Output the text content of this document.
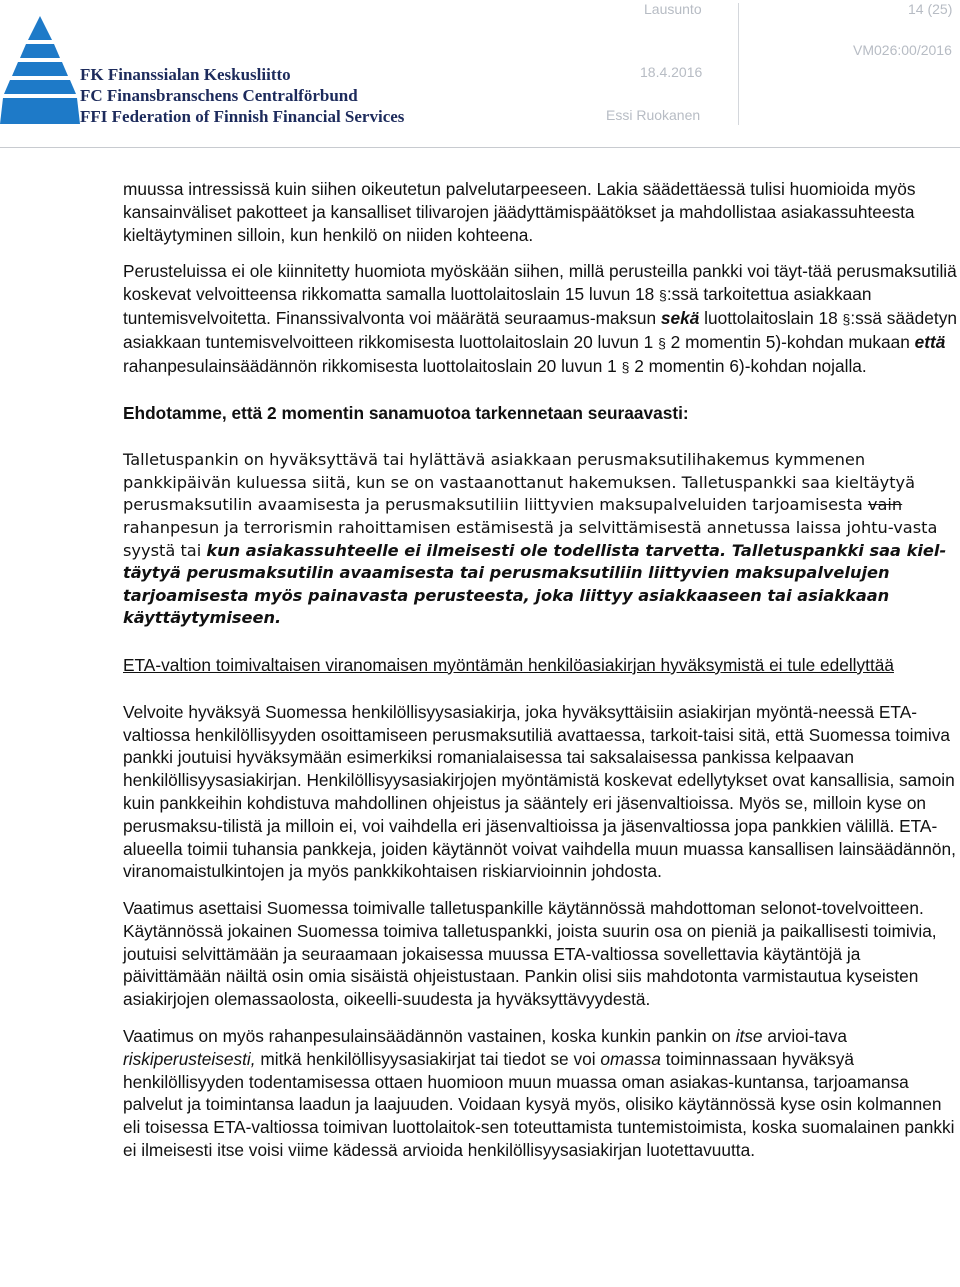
FK Finanssialan Keskusliitto
FC Finansbranschens Centralförbund
FFI Federation of Finnish Financial Services
Lausunto	14 (25)
VM026:00/2016
18.4.2016
Essi Ruokanen

muussa intressissä kuin siihen oikeutetun palvelutarpeeseen. Lakia säädettäessä tulisi huomioida myös kansainväliset pakotteet ja kansalliset tilivarojen jäädyttämispäätökset ja mahdollistaa asiakassuhteesta kieltäytyminen silloin, kun henkilö on niiden kohteena.

Perusteluissa ei ole kiinnitetty huomiota myöskään siihen, millä perusteilla pankki voi täyt-tää perusmaksutiliä koskevat velvoitteensa rikkomatta samalla luottolaitoslain 15 luvun 18 §:ssä tarkoitettua asiakkaan tuntemisvelvoitetta. Finanssivalvonta voi määrätä seuraamus-maksun sekä luottolaitoslain 18 §:ssä säädetyn asiakkaan tuntemisvelvoitteen rikkomisesta luottolaitoslain 20 luvun 1 § 2 momentin 5)-kohdan mukaan että rahanpesulainsäädännön rikkomisesta luottolaitoslain 20 luvun 1 § 2 momentin 6)-kohdan nojalla.

Ehdotamme, että 2 momentin sanamuotoa tarkennetaan seuraavasti:

Talletuspankin on hyväksyttävä tai hylättävä asiakkaan perusmaksutilihakemus kymmenen pankkipäivän kuluessa siitä, kun se on vastaanottanut hakemuksen. Talletuspankki saa kieltäytyä perusmaksutilin avaamisesta ja perusmaksutiliin liittyvien maksupalveluiden tarjoamisesta vain rahanpesun ja terrorismin rahoittamisen estämisestä ja selvittämisestä annetussa laissa johtu-vasta syystä tai kun asiakassuhteelle ei ilmeisesti ole todellista tarvetta. Talletuspankki saa kiel-täytyä perusmaksutilin avaamisesta tai perusmaksutiliin liittyvien maksupalvelujen tarjoamisesta myös painavasta perusteesta, joka liittyy asiakkaaseen tai asiakkaan käyttäytymiseen.

ETA-valtion toimivaltaisen viranomaisen myöntämän henkilöasiakirjan hyväksymistä ei tule edellyttää

Velvoite hyväksyä Suomessa henkilöllisyysasiakirja, joka hyväksyttäisiin asiakirjan myöntä-neessä ETA-valtiossa henkilöllisyyden osoittamiseen perusmaksutiliä avattaessa, tarkoit-taisi sitä, että Suomessa toimiva pankki joutuisi hyväksymään esimerkiksi romanialaisessa tai saksalaisessa pankissa kelpaavan henkilöllisyysasiakirjan. Henkilöllisyysasiakirjojen myöntämistä koskevat edellytykset ovat kansallisia, samoin kuin pankkeihin kohdistuva mahdollinen ohjeistus ja sääntely eri jäsenvaltioissa. Myös se, milloin kyse on perusmaksu-tilistä ja milloin ei, voi vaihdella eri jäsenvaltioissa ja jäsenvaltiossa jopa pankkien välillä. ETA-alueella toimii tuhansia pankkeja, joiden käytännöt voivat vaihdella muun muassa kansallisen lainsäädännön, viranomaistulkintojen ja myös pankkikohtaisen riskiarvioinnin johdosta.

Vaatimus asettaisi Suomessa toimivalle talletuspankille käytännössä mahdottoman selonot-tovelvoitteen. Käytännössä jokainen Suomessa toimiva talletuspankki, joista suurin osa on pieniä ja paikallisesti toimivia, joutuisi selvittämään ja seuraamaan jokaisessa muussa ETA-valtiossa sovellettavia käytäntöjä ja päivittämään näiltä osin omia sisäistä ohjeistustaan. Pankin olisi siis mahdotonta varmistautua kyseisten asiakirjojen olemassaolosta, oikeelli-suudesta ja hyväksyttävyydestä.

Vaatimus on myös rahanpesulainsäädännön vastainen, koska kunkin pankin on itse arvioi-tava riskiperusteisesti, mitkä henkilöllisyysasiakirjat tai tiedot se voi omassa toiminnassaan hyväksyä henkilöllisyyden todentamisessa ottaen huomioon muun muassa oman asiakas-kuntansa, tarjoamansa palvelut ja toimintansa laadun ja laajuuden. Voidaan kysyä myös, olisiko käytännössä kyse osin kolmannen eli toisessa ETA-valtiossa toimivan luottolaitok-sen toteuttamista tuntemistoimista, koska suomalainen pankki ei ilmeisesti itse voisi viime kädessä arvioida henkilöllisyysasiakirjan luotettavuutta.
